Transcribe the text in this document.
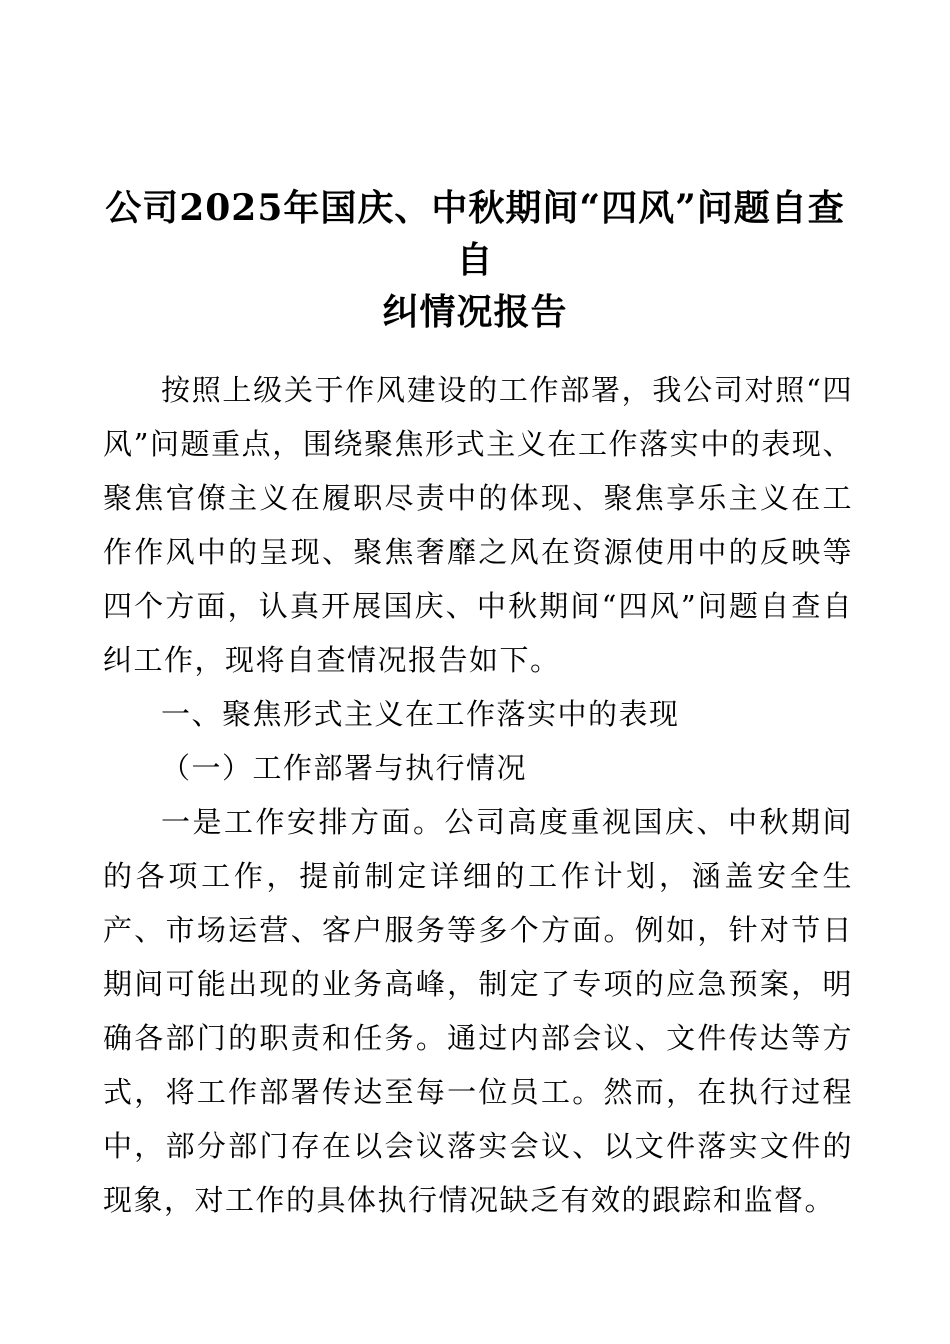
公司2025年国庆、中秋期间“四风”问题自查自
纠情况报告

按照上级关于作风建设的工作部署，我公司对照“四风”问题重点，围绕聚焦形式主义在工作落实中的表现、聚焦官僚主义在履职尽责中的体现、聚焦享乐主义在工作作风中的呈现、聚焦奢靡之风在资源使用中的反映等四个方面，认真开展国庆、中秋期间“四风”问题自查自纠工作，现将自查情况报告如下。

一、聚焦形式主义在工作落实中的表现

（一）工作部署与执行情况

一是工作安排方面。公司高度重视国庆、中秋期间的各项工作，提前制定详细的工作计划，涵盖安全生产、市场运营、客户服务等多个方面。例如，针对节日期间可能出现的业务高峰，制定了专项的应急预案，明确各部门的职责和任务。通过内部会议、文件传达等方式，将工作部署传达至每一位员工。然而，在执行过程中，部分部门存在以会议落实会议、以文件落实文件的现象，对工作的具体执行情况缺乏有效的跟踪和监督。
